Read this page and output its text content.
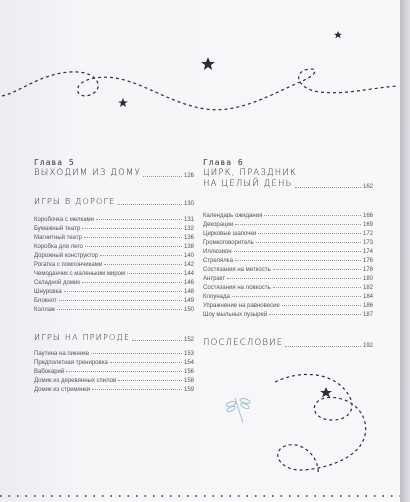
Глава 5
ВЫХОДИМ ИЗ ДОМУ	126
ИГРЫ В ДОРОГЕ	130
Коробочка с мелками	131
Бумажный театр	132
Магнитный театр	136
Коробка для лего	138
Дорожный конструктор	140
Рогатка с помпончиками	142
Чемоданчик с маленьким миром	144
Складной домик	146
Шнуровка	148
Блокнот	149
Коллаж	150
ИГРЫ НА ПРИРОДЕ	152
Паутина на пикнике	153
Предполетная тренировка	154
Вабокарий	156
Домик из деревянных спилов	158
Домик из стремянки	159
Глава 6
ЦИРК, ПРАЗДНИК
НА ЦЕЛЫЙ ДЕНЬ	162
Календарь ожидания	166
Декорации	169
Цирковые шапочки	172
Громкоговоритель	173
Иллюзион	174
Стрелялка	176
Состязания на меткость	178
Антракт	180
Состязания на ловкость	182
Клоунада	184
Упражнение на равновесие	186
Шоу мыльных пузырей	187
ПОСЛЕСЛОВИЕ	192
